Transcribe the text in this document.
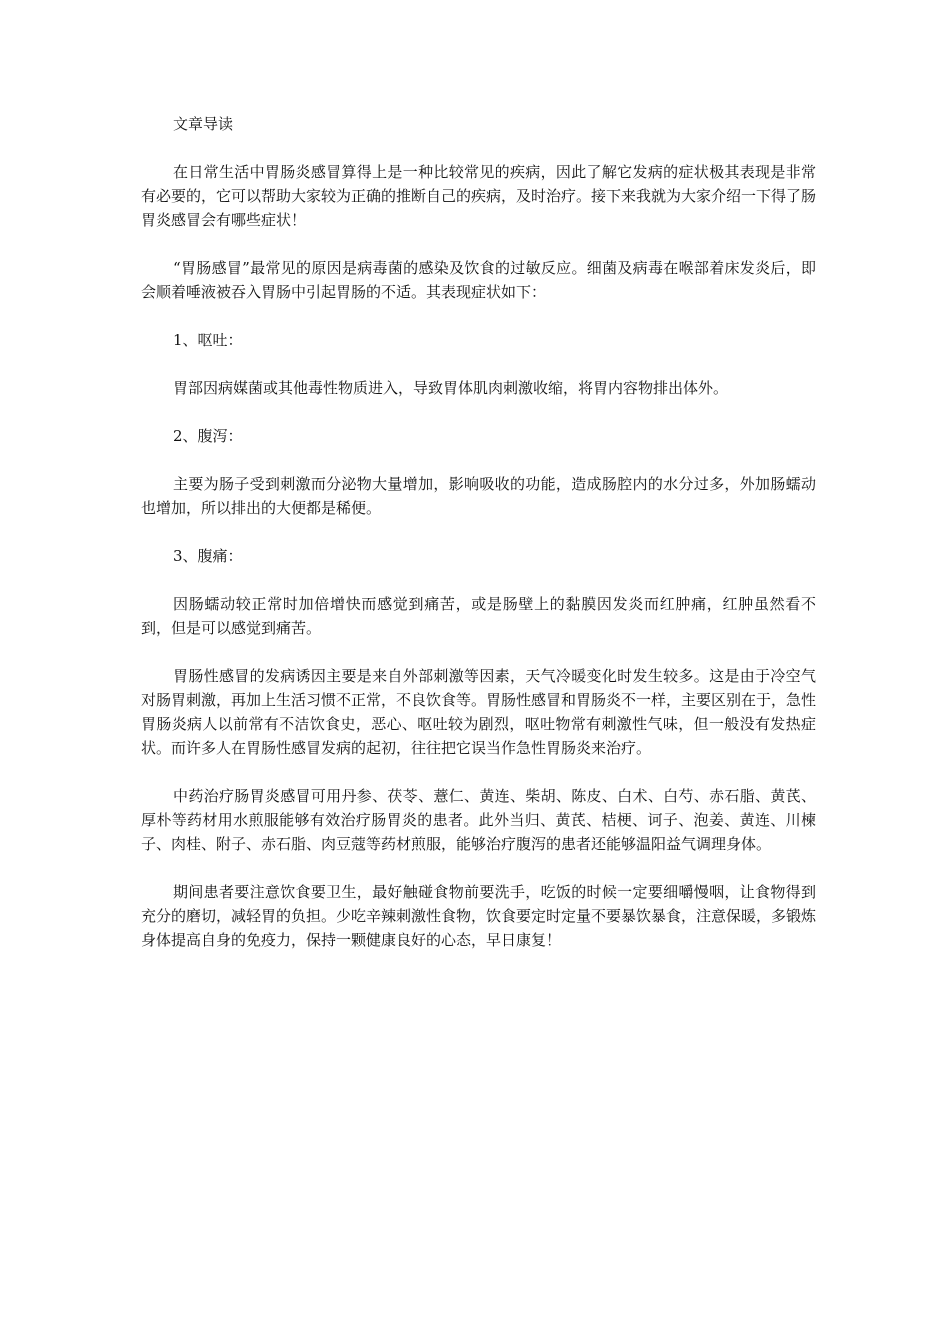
文章导读

在日常生活中胃肠炎感冒算得上是一种比较常见的疾病，因此了解它发病的症状极其表现是非常有必要的，它可以帮助大家较为正确的推断自己的疾病，及时治疗。接下来我就为大家介绍一下得了肠胃炎感冒会有哪些症状！

“胃肠感冒”最常见的原因是病毒菌的感染及饮食的过敏反应。细菌及病毒在喉部着床发炎后，即会顺着唾液被吞入胃肠中引起胃肠的不适。其表现症状如下：

1、呕吐：

胃部因病媒菌或其他毒性物质进入，导致胃体肌肉刺激收缩，将胃内容物排出体外。

2、腹泻：

主要为肠子受到刺激而分泌物大量增加，影响吸收的功能，造成肠腔内的水分过多，外加肠蠕动也增加，所以排出的大便都是稀便。

3、腹痛：

因肠蠕动较正常时加倍增快而感觉到痛苦，或是肠壁上的黏膜因发炎而红肿痛，红肿虽然看不到，但是可以感觉到痛苦。

胃肠性感冒的发病诱因主要是来自外部刺激等因素，天气冷暖变化时发生较多。这是由于冷空气对肠胃刺激，再加上生活习惯不正常，不良饮食等。胃肠性感冒和胃肠炎不一样，主要区别在于，急性胃肠炎病人以前常有不洁饮食史，恶心、呕吐较为剧烈，呕吐物常有刺激性气味，但一般没有发热症状。而许多人在胃肠性感冒发病的起初，往往把它误当作急性胃肠炎来治疗。

中药治疗肠胃炎感冒可用丹参、茯苓、薏仁、黄连、柴胡、陈皮、白术、白芍、赤石脂、黄芪、厚朴等药材用水煎服能够有效治疗肠胃炎的患者。此外当归、黄芪、桔梗、诃子、泡姜、黄连、川楝子、肉桂、附子、赤石脂、肉豆蔻等药材煎服，能够治疗腹泻的患者还能够温阳益气调理身体。

期间患者要注意饮食要卫生，最好触碰食物前要洗手，吃饭的时候一定要细嚼慢咽，让食物得到充分的磨切，减轻胃的负担。少吃辛辣刺激性食物，饮食要定时定量不要暴饮暴食，注意保暖，多锻炼身体提高自身的免疫力，保持一颗健康良好的心态，早日康复！
